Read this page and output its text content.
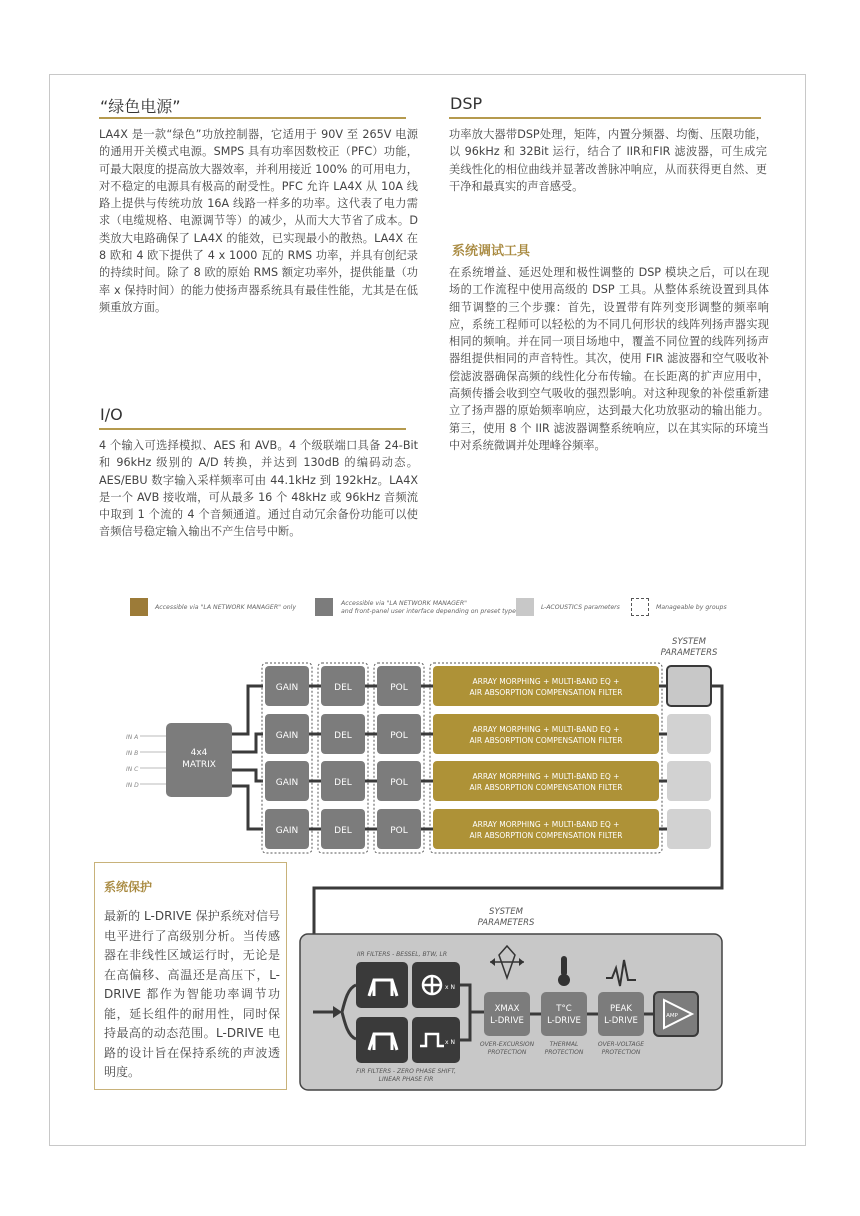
“绿色电源”
LA4X 是一款“绿色”功放控制器，它适用于 90V 至 265V 电源的通用开关模式电源。SMPS 具有功率因数校正（PFC）功能，可最大限度的提高放大器效率，并利用接近 100% 的可用电力，对不稳定的电源具有极高的耐受性。PFC 允许 LA4X 从 10A 线路上提供与传统功放 16A 线路一样多的功率。这代表了电力需求（电缆规格、电源调节等）的减少，从而大大节省了成本。D 类放大电路确保了 LA4X 的能效，已实现最小的散热。LA4X 在 8 欧和 4 欧下提供了 4 x 1000 瓦的 RMS 功率，并具有创纪录的持续时间。除了 8 欧的原始 RMS 额定功率外，提供能量（功率 x 保持时间）的能力使扬声器系统具有最佳性能，尤其是在低频重放方面。
I/O
4 个输入可选择模拟、AES 和 AVB。4 个级联端口具备 24-Bit 和 96kHz 级别的 A/D 转换，并达到 130dB 的编码动态。AES/EBU 数字输入采样频率可由 44.1kHz 到 192kHz。LA4X 是一个 AVB 接收端，可从最多 16 个 48kHz 或 96kHz 音频流中取到 1 个流的 4 个音频通道。通过自动冗余备份功能可以使音频信号稳定输入输出不产生信号中断。
DSP
功率放大器带DSP处理，矩阵，内置分频器、均衡、压限功能，以 96kHz 和 32Bit 运行，结合了 IIR和FIR 滤波器，可生成完美线性化的相位曲线并显著改善脉冲响应，从而获得更自然、更干净和最真实的声音感受。
系统调试工具
在系统增益、延迟处理和极性调整的 DSP 模块之后，可以在现场的工作流程中使用高级的 DSP 工具。从整体系统设置到具体细节调整的三个步骤：首先，设置带有阵列变形调整的频率响应，系统工程师可以轻松的为不同几何形状的线阵列扬声器实现相同的频响。并在同一项目场地中，覆盖不同位置的线阵列扬声器组提供相同的声音特性。其次，使用 FIR 滤波器和空气吸收补偿滤波器确保高频的线性化分布传输。在长距离的扩声应用中，高频传播会收到空气吸收的强烈影响。对这种现象的补偿重新建立了扬声器的原始频率响应，达到最大化功放驱动的输出能力。第三，使用 8 个 IIR 滤波器调整系统响应，以在其实际的环境当中对系统微调并处理峰谷频率。
Accessible via "LA NETWORK MANAGER" only
Accessible via "LA NETWORK MANAGER"
and front-panel user interface depending on preset type
L-ACOUSTICS parameters	Manageable by groups
SYSTEM
PARAMETERS
IN A
IN B
IN C
IN D
4x4
MATRIX
GAIN	DEL	POL
ARRAY MORPHING + MULTI-BAND EQ +
AIR ABSORPTION COMPENSATION FILTER
GAIN	DEL	POL
ARRAY MORPHING + MULTI-BAND EQ +
AIR ABSORPTION COMPENSATION FILTER
GAIN	DEL	POL
ARRAY MORPHING + MULTI-BAND EQ +
AIR ABSORPTION COMPENSATION FILTER
GAIN	DEL	POL
ARRAY MORPHING + MULTI-BAND EQ +
AIR ABSORPTION COMPENSATION FILTER
SYSTEM
PARAMETERS
IIR FILTERS - BESSEL, BTW, LR
x N
x N
FIR FILTERS - ZERO PHASE SHIFT,
LINEAR PHASE FIR
XMAX
L-DRIVE
T°C
L-DRIVE
PEAK
L-DRIVE	AMP
OVER-EXCURSION
PROTECTION
THERMAL
PROTECTION
OVER-VOLTAGE
PROTECTION
系统保护
最新的 L-DRIVE 保护系统对信号电平进行了高级别分析。当传感器在非线性区域运行时，无论是在高偏移、高温还是高压下，L-DRIVE 都作为智能功率调节功能，延长组件的耐用性，同时保持最高的动态范围。L-DRIVE 电路的设计旨在保持系统的声波透明度。
